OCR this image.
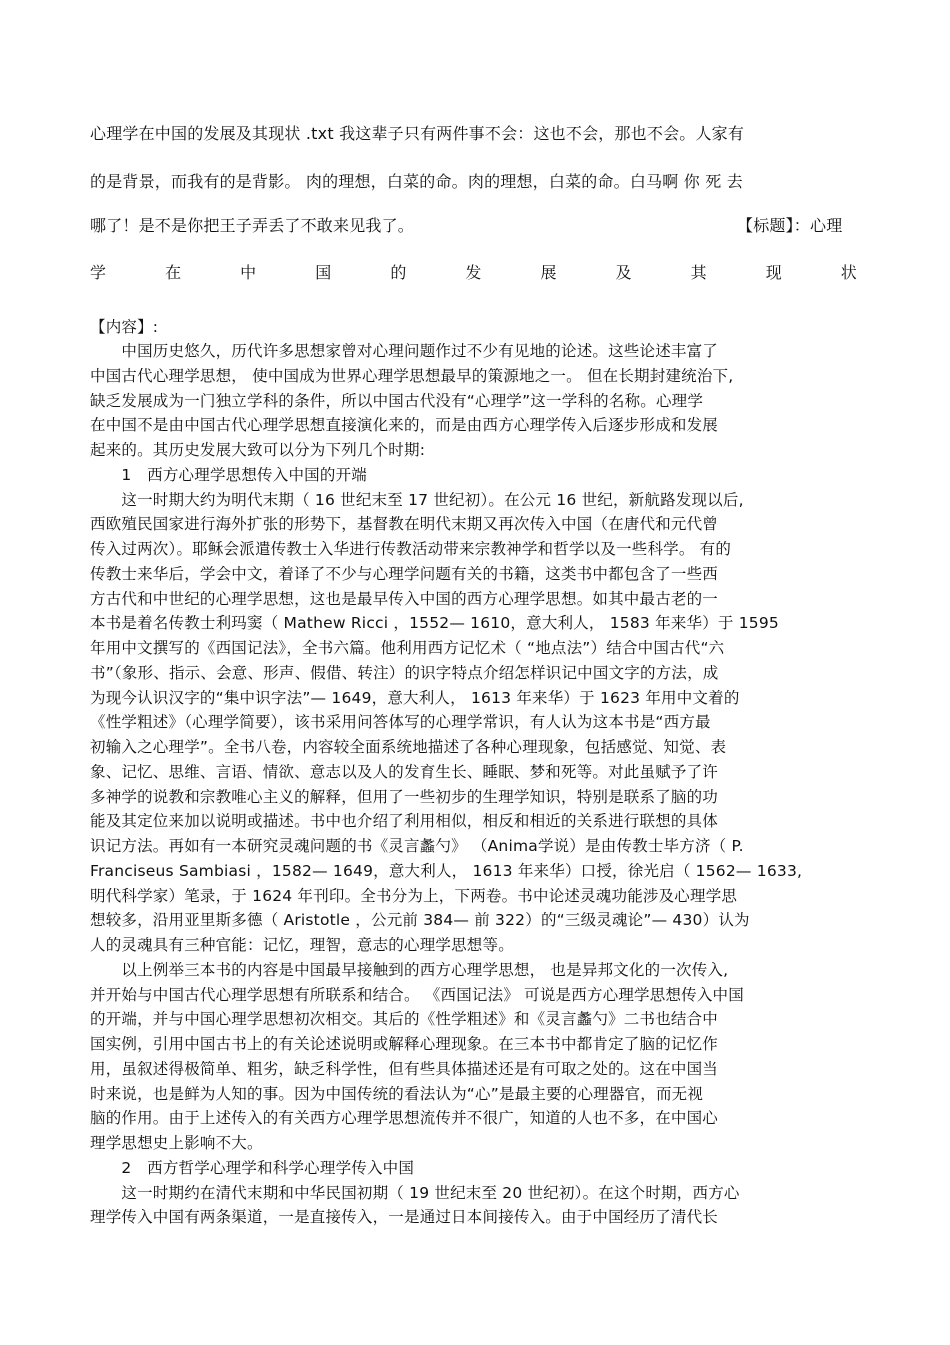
心理学在中国的发展及其现状 .txt 我这辈子只有两件事不会：这也不会，那也不会。人家有
的是背景，而我有的是背影。 肉的理想，白菜的命。肉的理想，白菜的命。白马啊 你 死 去
哪了！是不是你把王子弄丢了不敢来见我了。	【标题】：心理
学	在	中	国	的	发	展	及	其	现	状
【内容】:
　　中国历史悠久，历代许多思想家曾对心理问题作过不少有见地的论述。这些论述丰富了
中国古代心理学思想， 使中国成为世界心理学思想最早的策源地之一。 但在长期封建统治下,
缺乏发展成为一门独立学科的条件，所以中国古代没有“心理学”这一学科的名称。心理学
在中国不是由中国古代心理学思想直接演化来的，而是由西方心理学传入后逐步形成和发展
起来的。其历史发展大致可以分为下列几个时期:
　　1　西方心理学思想传入中国的开端
　　这一时期大约为明代末期（ 16 世纪末至 17 世纪初）。在公元 16 世纪，新航路发现以后,
西欧殖民国家进行海外扩张的形势下，基督教在明代末期又再次传入中国（在唐代和元代曾
传入过两次）。耶稣会派遣传教士入华进行传教活动带来宗教神学和哲学以及一些科学。 有的
传教士来华后，学会中文，着译了不少与心理学问题有关的书籍，这类书中都包含了一些西
方古代和中世纪的心理学思想，这也是最早传入中国的西方心理学思想。如其中最古老的一
本书是着名传教士利玛窦（ Mathew Ricci ，1552— 1610，意大利人， 1583 年来华）于 1595
年用中文撰写的《西国记法》，全书六篇。他利用西方记忆术（ “地点法”）结合中国古代“六
书”（象形、指示、会意、形声、假借、转注）的识字特点介绍怎样识记中国文字的方法，成
为现今认识汉字的“集中识字法”— 1649，意大利人， 1613 年来华）于 1623 年用中文着的
《性学粗述》（心理学简要），该书采用问答体写的心理学常识，有人认为这本书是“西方最
初输入之心理学”。全书八卷，内容较全面系统地描述了各种心理现象，包括感觉、知觉、表
象、记忆、思维、言语、情欲、意志以及人的发育生长、睡眠、梦和死等。对此虽赋予了许
多神学的说教和宗教唯心主义的解释，但用了一些初步的生理学知识，特别是联系了脑的功
能及其定位来加以说明或描述。书中也介绍了利用相似，相反和相近的关系进行联想的具体
识记方法。再如有一本研究灵魂问题的书《灵言蠡勺》 （Anima学说）是由传教士毕方济（ P.
Franciseus Sambiasi ，1582— 1649，意大利人， 1613 年来华）口授，徐光启（ 1562— 1633,
明代科学家）笔录，于 1624 年刊印。全书分为上，下两卷。书中论述灵魂功能涉及心理学思
想较多，沿用亚里斯多德（ Aristotle ，公元前 384— 前 322）的“三级灵魂论”— 430）认为
人的灵魂具有三种官能：记忆，理智，意志的心理学思想等。
　　以上例举三本书的内容是中国最早接触到的西方心理学思想， 也是异邦文化的一次传入,
并开始与中国古代心理学思想有所联系和结合。 《西国记法》 可说是西方心理学思想传入中国
的开端，并与中国心理学思想初次相交。其后的《性学粗述》和《灵言蠡勺》二书也结合中
国实例，引用中国古书上的有关论述说明或解释心理现象。在三本书中都肯定了脑的记忆作
用，虽叙述得极简单、粗劣，缺乏科学性，但有些具体描述还是有可取之处的。这在中国当
时来说，也是鲜为人知的事。因为中国传统的看法认为“心”是最主要的心理器官，而无视
脑的作用。由于上述传入的有关西方心理学思想流传并不很广，知道的人也不多，在中国心
理学思想史上影响不大。
　　2　西方哲学心理学和科学心理学传入中国
　　这一时期约在清代末期和中华民国初期（ 19 世纪末至 20 世纪初）。在这个时期，西方心
理学传入中国有两条渠道，一是直接传入，一是通过日本间接传入。由于中国经历了清代长
